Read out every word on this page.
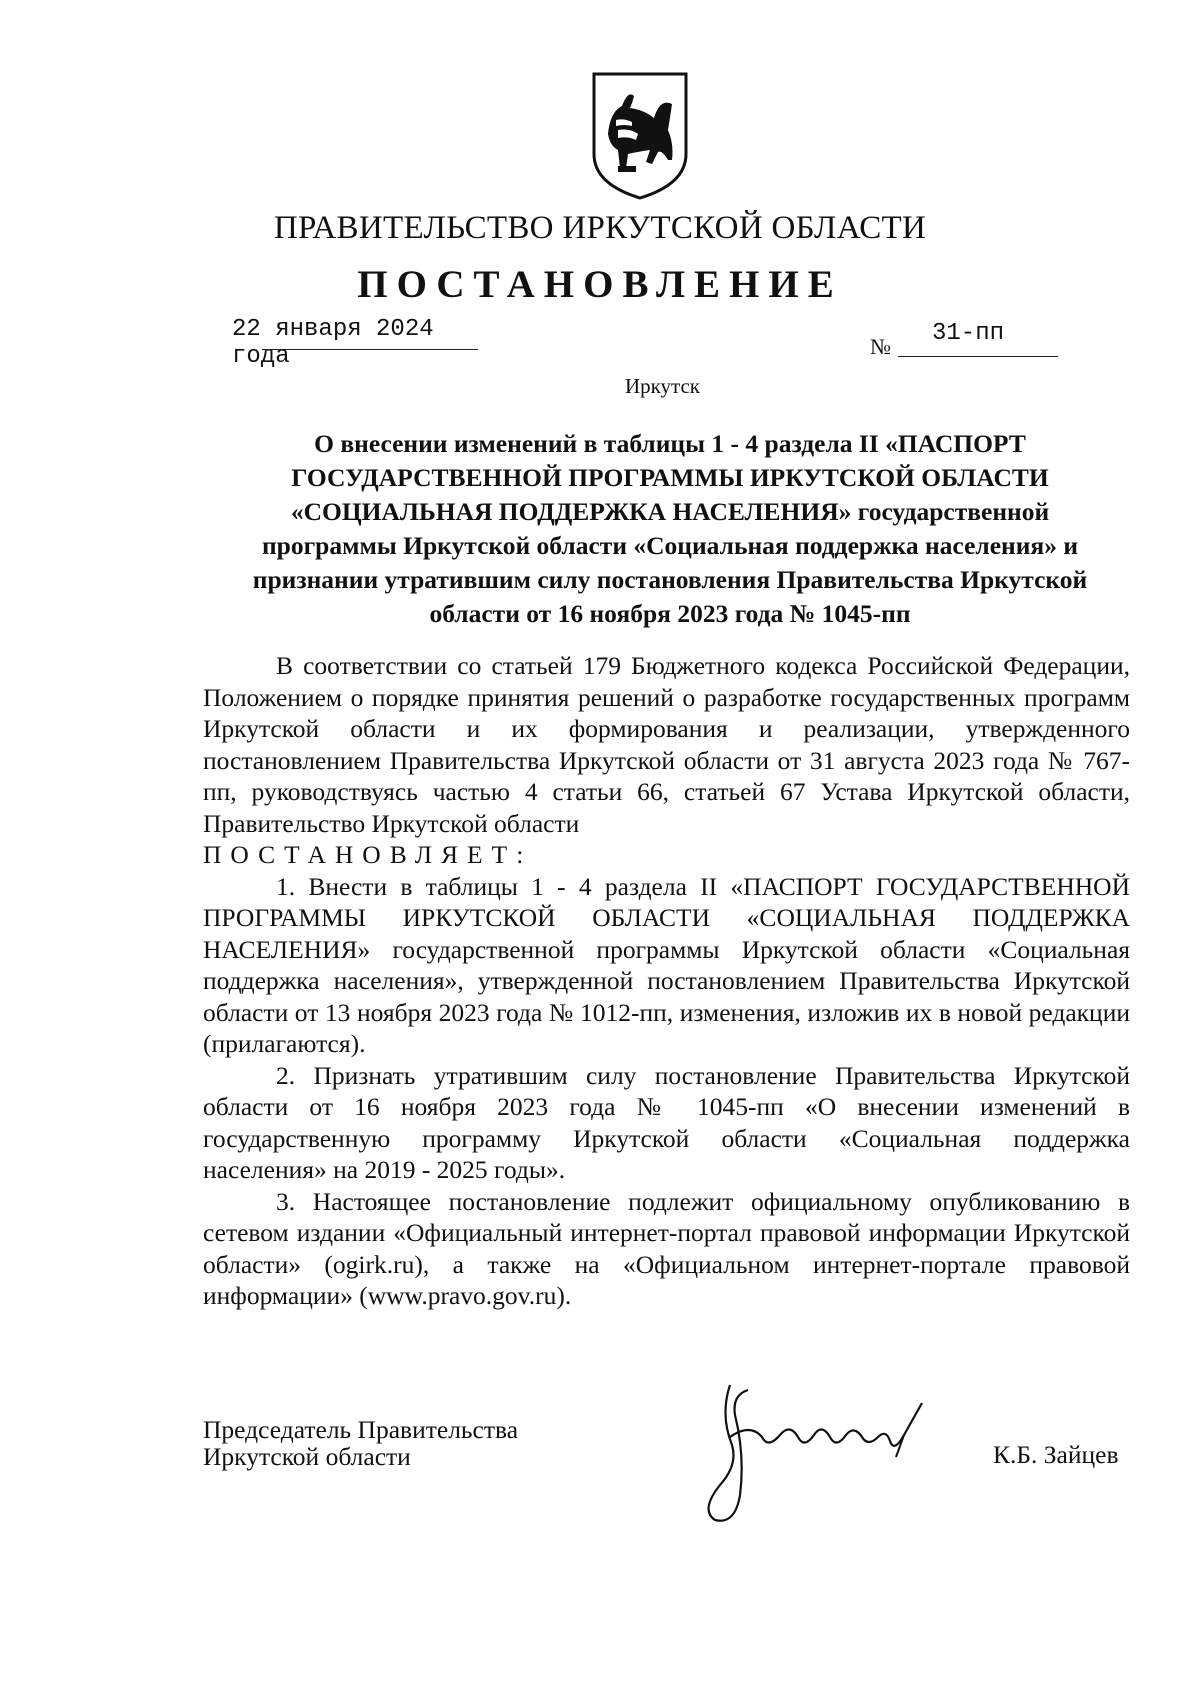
ПРАВИТЕЛЬСТВО ИРКУТСКОЙ ОБЛАСТИ
ПОСТАНОВЛЕНИЕ
22 января 2024 года	№ 31-пп
Иркутск
О внесении изменений в таблицы 1 - 4 раздела II «ПАСПОРТ
ГОСУДАРСТВЕННОЙ ПРОГРАММЫ ИРКУТСКОЙ ОБЛАСТИ
«СОЦИАЛЬНАЯ ПОДДЕРЖКА НАСЕЛЕНИЯ» государственной
программы Иркутской области «Социальная поддержка населения» и
признании утратившим силу постановления Правительства Иркутской
области от 16 ноября 2023 года № 1045-пп

В соответствии со статьей 179 Бюджетного кодекса Российской Федерации, Положением о порядке принятия решений о разработке государственных программ Иркутской области и их формирования и реализации, утвержденного постановлением Правительства Иркутской области от 31 августа 2023 года № 767-пп, руководствуясь частью 4 статьи 66, статьей 67 Устава Иркутской области, Правительство Иркутской области

ПОСТАНОВЛЯЕТ:

1. Внести в таблицы 1 - 4 раздела II «ПАСПОРТ ГОСУДАРСТВЕННОЙ ПРОГРАММЫ ИРКУТСКОЙ ОБЛАСТИ «СОЦИАЛЬНАЯ ПОДДЕРЖКА НАСЕЛЕНИЯ» государственной программы Иркутской области «Социальная поддержка населения», утвержденной постановлением Правительства Иркутской области от 13 ноября 2023 года № 1012-пп, изменения, изложив их в новой редакции (прилагаются).

2. Признать утратившим силу постановление Правительства Иркутской области от 16 ноября 2023 года № 1045-пп «О внесении изменений в государственную программу Иркутской области «Социальная поддержка населения» на 2019 - 2025 годы».

3. Настоящее постановление подлежит официальному опубликованию в сетевом издании «Официальный интернет-портал правовой информации Иркутской области» (ogirk.ru), а также на «Официальном интернет-портале правовой информации» (www.pravo.gov.ru).

Председатель Правительства
Иркутской области	К.Б. Зайцев
